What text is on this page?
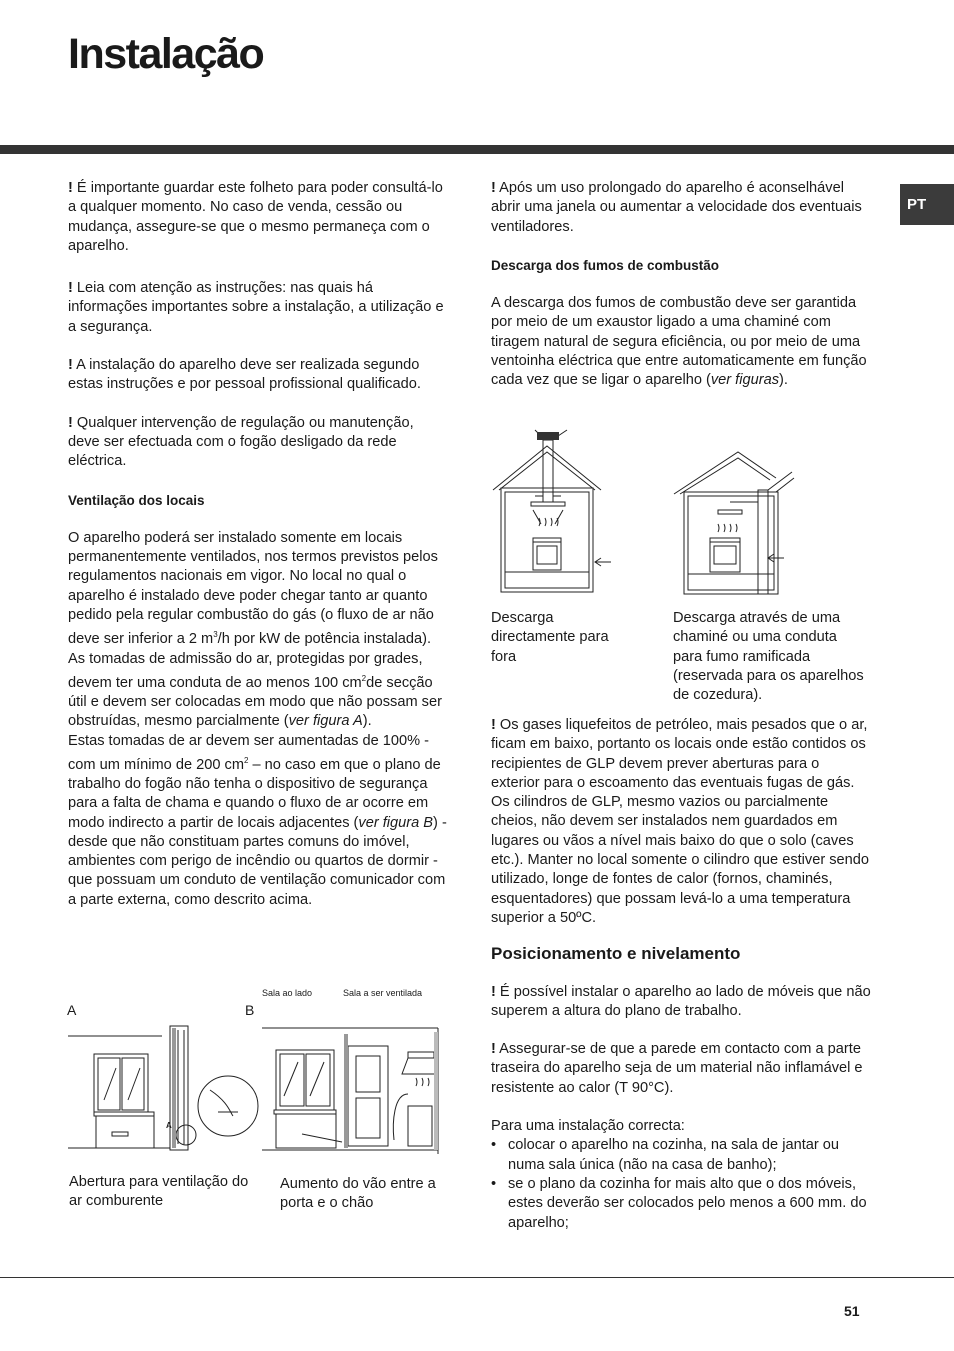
Instalação
PT

! É importante guardar este folheto para poder consultá-lo a qualquer momento. No caso de venda, cessão ou mudança, assegure-se que o mesmo permaneça com o aparelho.

! Leia com atenção as instruções: nas quais há informações importantes sobre a instalação, a utilização e a segurança.

! A instalação do aparelho deve ser realizada segundo estas instruções e por pessoal profissional qualificado.

! Qualquer intervenção de regulação ou manutenção, deve ser efectuada com o fogão desligado da rede eléctrica.

Ventilação dos locais

O aparelho poderá ser instalado somente em locais permanentemente ventilados, nos termos previstos pelos regulamentos nacionais em vigor. No local no qual o aparelho é instalado deve poder chegar tanto ar quanto pedido pela regular combustão do gás (o fluxo de ar não deve ser inferior a 2 $m^3/h$ por kW de potência instalada).

As tomadas de admissão do ar, protegidas por grades, devem ter uma conduta de ao menos 100 $cm^2de$ secção útil e devem ser colocadas em modo que não possam ser obstruídas, mesmo parcialmente (ver figura A).

Estas tomadas de ar devem ser aumentadas de 100% - com um mínimo de 200 $cm^2$ – no caso em que o plano de trabalho do fogão não tenha o dispositivo de segurança para a falta de chama e quando o fluxo de ar ocorre em modo indirecto a partir de locais adjacentes (ver figura B) - desde que não constituam partes comuns do imóvel, ambientes com perigo de incêndio ou quartos de dormir - que possuam um conduto de ventilação comunicador com a parte externa, como descrito acima.

A	B
Sala ao lado	Sala a ser ventilada
A
Abertura para ventilação do ar comburente
Aumento do vão entre a porta e o chão

! Após um uso prolongado do aparelho é aconselhável abrir uma janela ou aumentar a velocidade dos eventuais ventiladores.

Descarga dos fumos de combustão

A descarga dos fumos de combustão deve ser garantida por meio de um exaustor ligado a uma chaminé com tiragem natural de segura eficiência, ou por meio de uma ventoinha eléctrica que entre automaticamente em função cada vez que se ligar o aparelho (ver figuras).

Descarga directamente para fora
Descarga através de uma chaminé ou uma conduta para fumo ramificada (reservada para os aparelhos de cozedura).

! Os gases liquefeitos de petróleo, mais pesados que o ar, ficam em baixo, portanto os locais onde estão contidos os recipientes de GLP devem prever aberturas para o exterior para o escoamento das eventuais fugas de gás.

Os cilindros de GLP, mesmo vazios ou parcialmente cheios, não devem ser instalados nem guardados em lugares ou vãos a nível mais baixo do que o solo (caves etc.). Manter no local somente o cilindro que estiver sendo utilizado, longe de fontes de calor (fornos, chaminés, esquentadores) que possam levá-lo a uma temperatura superior a 50ºC.

Posicionamento e nivelamento

! É possível instalar o aparelho ao lado de móveis que não superem a altura do plano de trabalho.

! Assegurar-se de que a parede em contacto com a parte traseira do aparelho seja de um material não inflamável e resistente ao calor (T 90°C).

Para uma instalação correcta:

• colocar o aparelho na cozinha, na sala de jantar ou numa sala única (não na casa de banho);
• se o plano da cozinha for mais alto que o dos móveis, estes deverão ser colocados pelo menos a 600 mm. do aparelho;
51
